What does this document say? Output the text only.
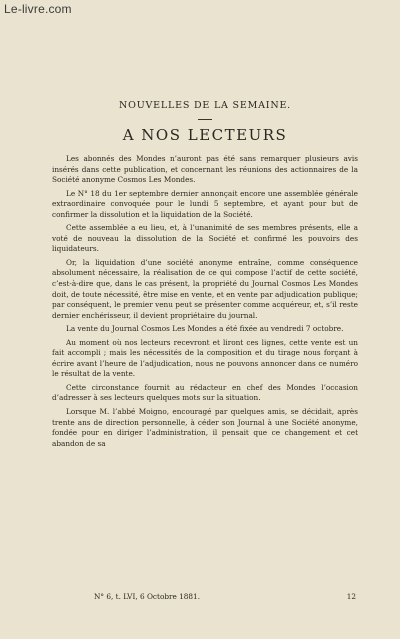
Le-livre.com

NOUVELLES DE LA SEMAINE.

A NOS LECTEURS

Les abonnés des Mondes n’auront pas été sans remarquer plusieurs avis insérés dans cette publication, et concernant les réunions des actionnaires de la Société anonyme Cosmos Les Mondes.

Le N° 18 du 1er septembre dernier annonçait encore une assemblée générale extraordinaire convoquée pour le lundi 5 septembre, et ayant pour but de confirmer la dissolution et la liquidation de la Société.

Cette assemblée a eu lieu, et, à l’unanimité de ses membres présents, elle a voté de nouveau la dissolution de la Société et confirmé les pouvoirs des liquidateurs.

Or, la liquidation d’une société anonyme entraîne, comme conséquence absolument nécessaire, la réalisation de ce qui compose l’actif de cette société, c’est-à-dire que, dans le cas présent, la propriété du Journal Cosmos Les Mondes doit, de toute nécessité, être mise en vente, et en vente par adjudication publique; par conséquent, le premier venu peut se présenter comme acquéreur, et, s’il reste dernier enchérisseur, il devient propriétaire du journal.

La vente du Journal Cosmos Les Mondes a été fixée au vendredi 7 octobre.

Au moment où nos lecteurs recevront et liront ces lignes, cette vente est un fait accompli ; mais les nécessités de la composition et du tirage nous forçant à écrire avant l’heure de l’adjudication, nous ne pouvons annoncer dans ce numéro le résultat de la vente.

Cette circonstance fournit au rédacteur en chef des Mondes l’occasion d’adresser à ses lecteurs quelques mots sur la situation.

Lorsque M. l’abbé Moigno, encouragé par quelques amis, se décidait, après trente ans de direction personnelle, à céder son Journal à une Société anonyme, fondée pour en diriger l’administration, il pensait que ce changement et cet abandon de sa

N° 6, t. LVI, 6 Octobre 1881.	12
